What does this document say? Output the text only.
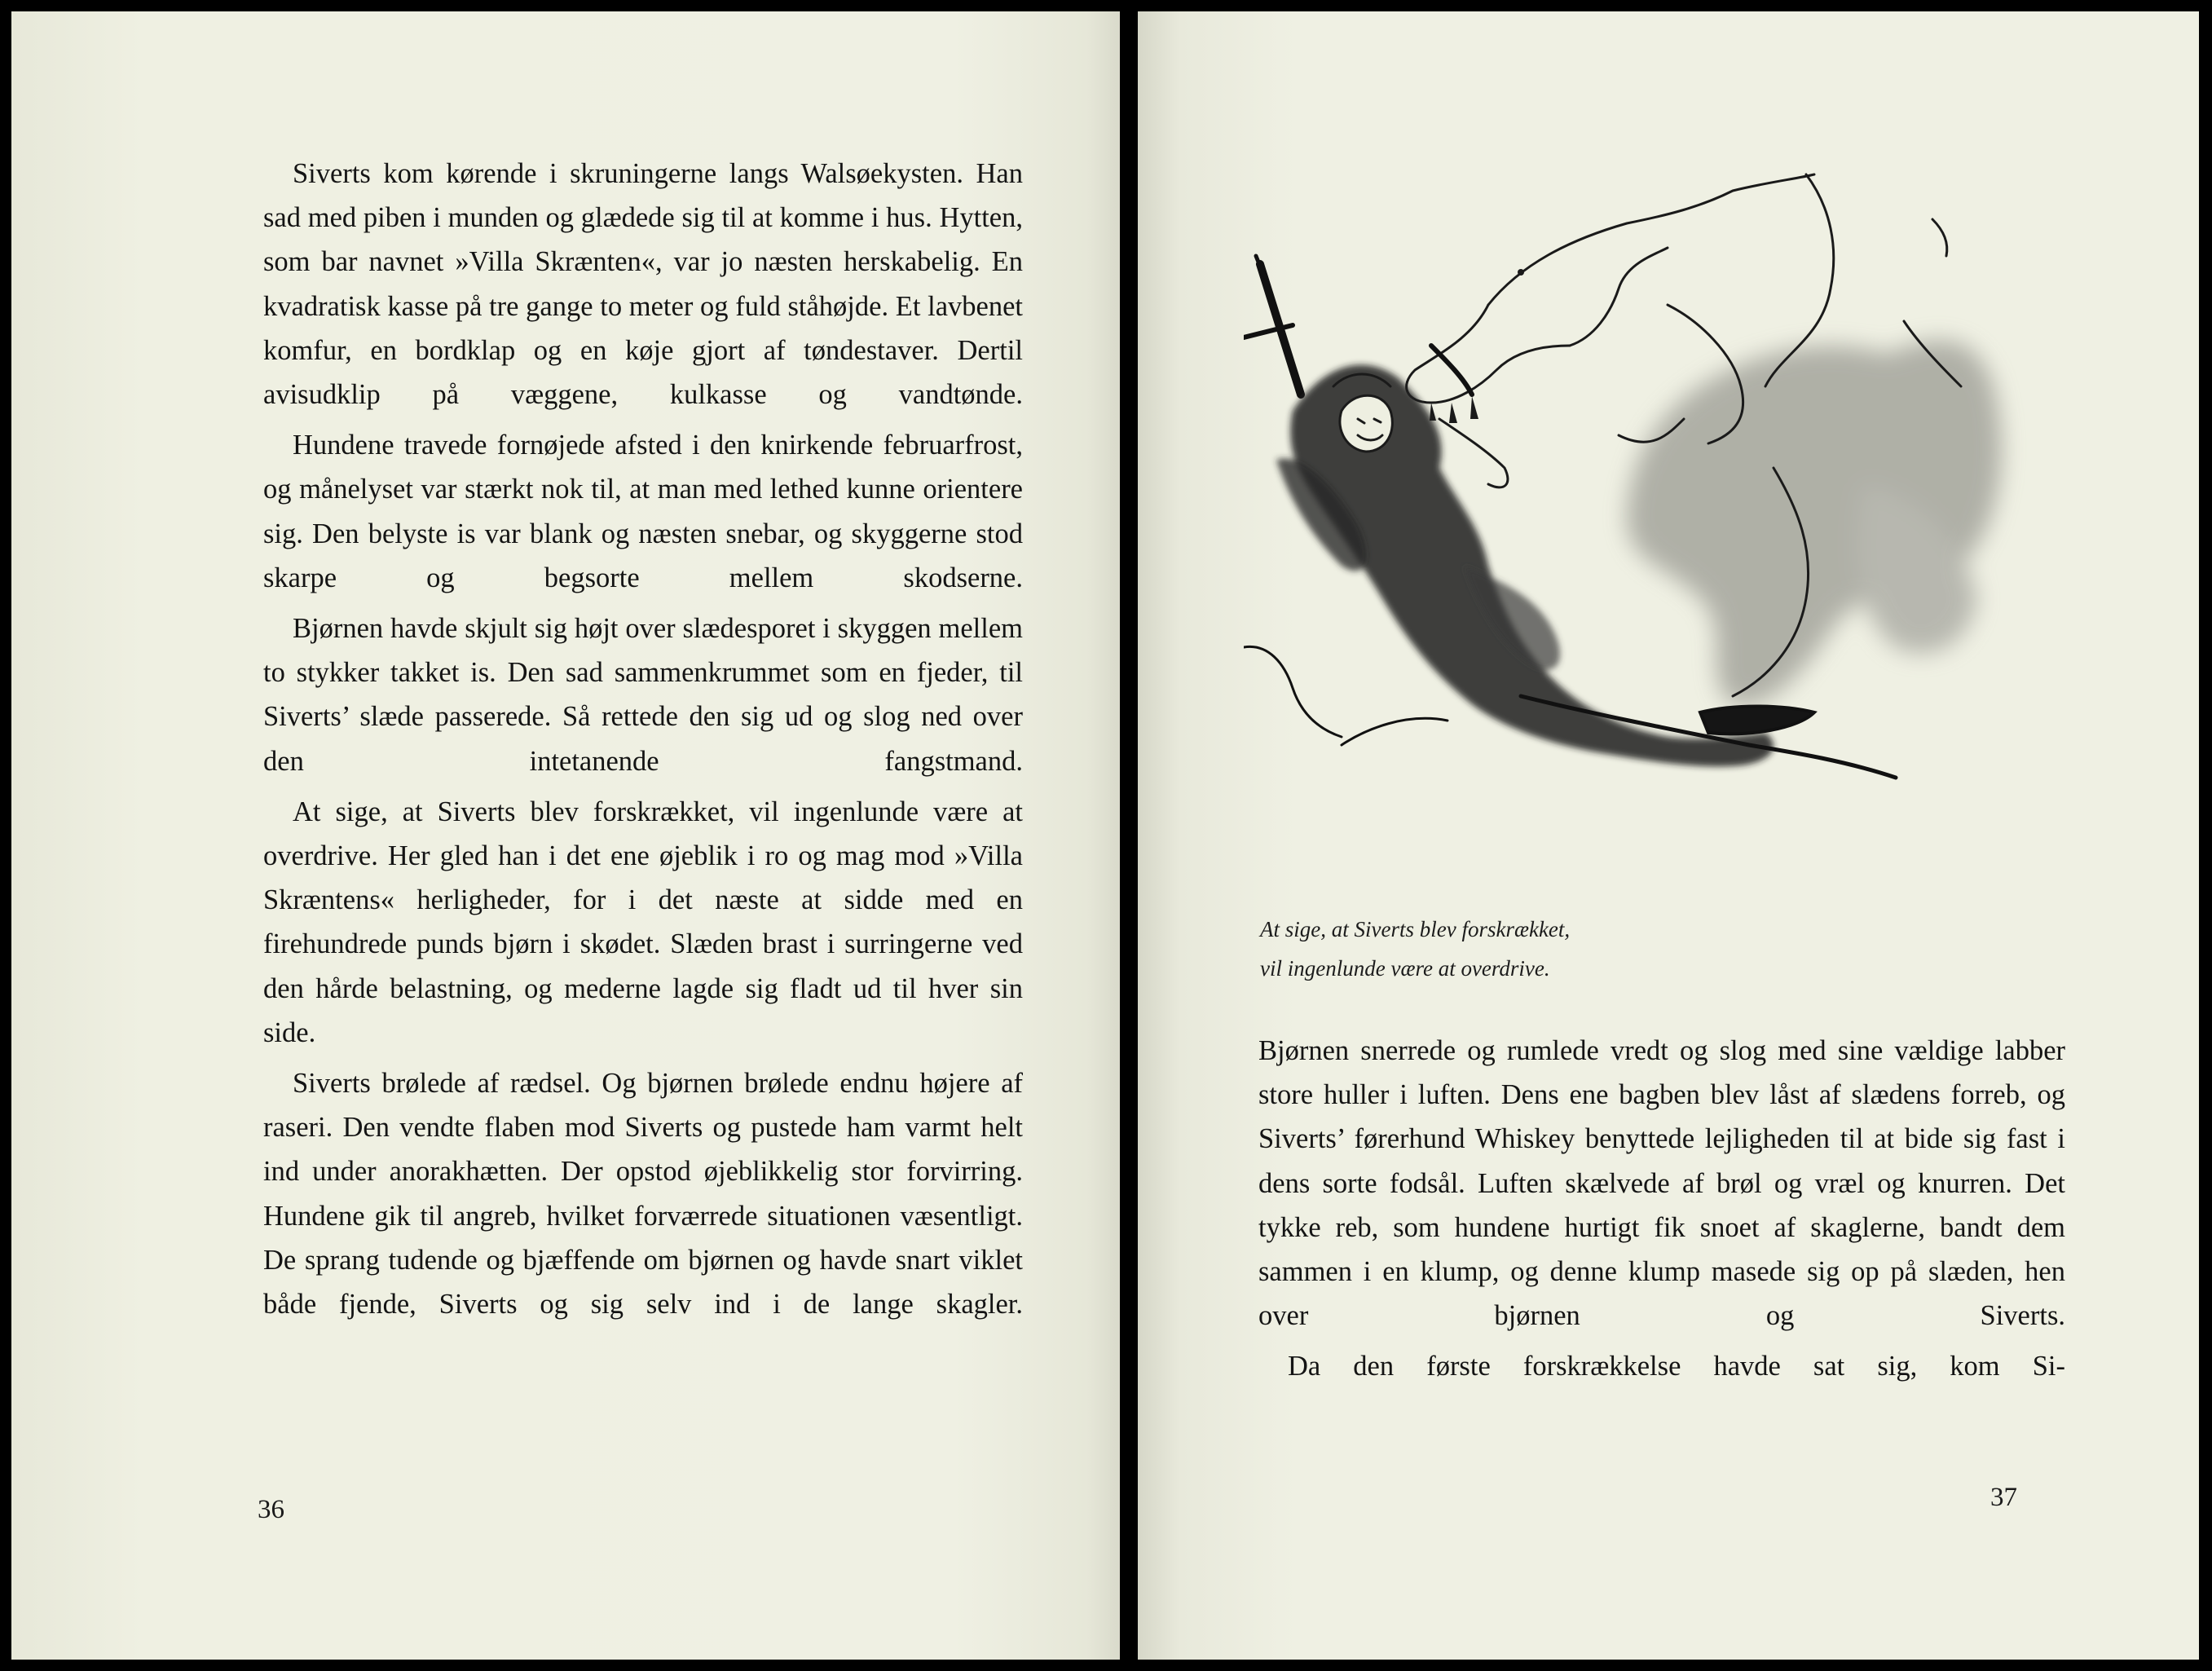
Siverts kom kørende i skruningerne langs Walsøekysten. Han sad med piben i munden og glædede sig til at komme i hus. Hytten, som bar navnet »Villa Skrænten«, var jo næsten herskabelig. En kvadratisk kasse på tre gange to meter og fuld ståhøjde. Et lavbenet komfur, en bordklap og en køje gjort af tøndestaver. Dertil avisudklip på væggene, kulkasse og vandtønde.

Hundene travede fornøjede afsted i den knirkende februarfrost, og månelyset var stærkt nok til, at man med lethed kunne orientere sig. Den belyste is var blank og næsten snebar, og skyggerne stod skarpe og begsorte mellem skodserne.

Bjørnen havde skjult sig højt over slædesporet i skyggen mellem to stykker takket is. Den sad sammenkrummet som en fjeder, til Siverts’ slæde passerede. Så rettede den sig ud og slog ned over den intetanende fangstmand.

At sige, at Siverts blev forskrækket, vil ingenlunde være at overdrive. Her gled han i det ene øjeblik i ro og mag mod »Villa Skræntens« herligheder, for i det næste at sidde med en firehundrede punds bjørn i skødet. Slæden brast i surringerne ved den hårde belastning, og mederne lagde sig fladt ud til hver sin side.

Siverts brølede af rædsel. Og bjørnen brølede endnu højere af raseri. Den vendte flaben mod Siverts og pustede ham varmt helt ind under anorakhætten. Der opstod øjeblikkelig stor forvirring. Hundene gik til angreb, hvilket forværrede situationen væsentligt. De sprang tudende og bjæffende om bjørnen og havde snart viklet både fjende, Siverts og sig selv ind i de lange skagler.

36
At sige, at Siverts blev forskrækket,
vil ingenlunde være at overdrive.

Bjørnen snerrede og rumlede vredt og slog med sine vældige labber store huller i luften. Dens ene bagben blev låst af slædens forreb, og Siverts’ førerhund Whiskey benyttede lejligheden til at bide sig fast i dens sorte fodsål. Luften skælvede af brøl og vræl og knurren. Det tykke reb, som hundene hurtigt fik snoet af skaglerne, bandt dem sammen i en klump, og denne klump masede sig op på slæden, hen over bjørnen og Siverts.

Da den første forskrækkelse havde sat sig, kom Si-

37
